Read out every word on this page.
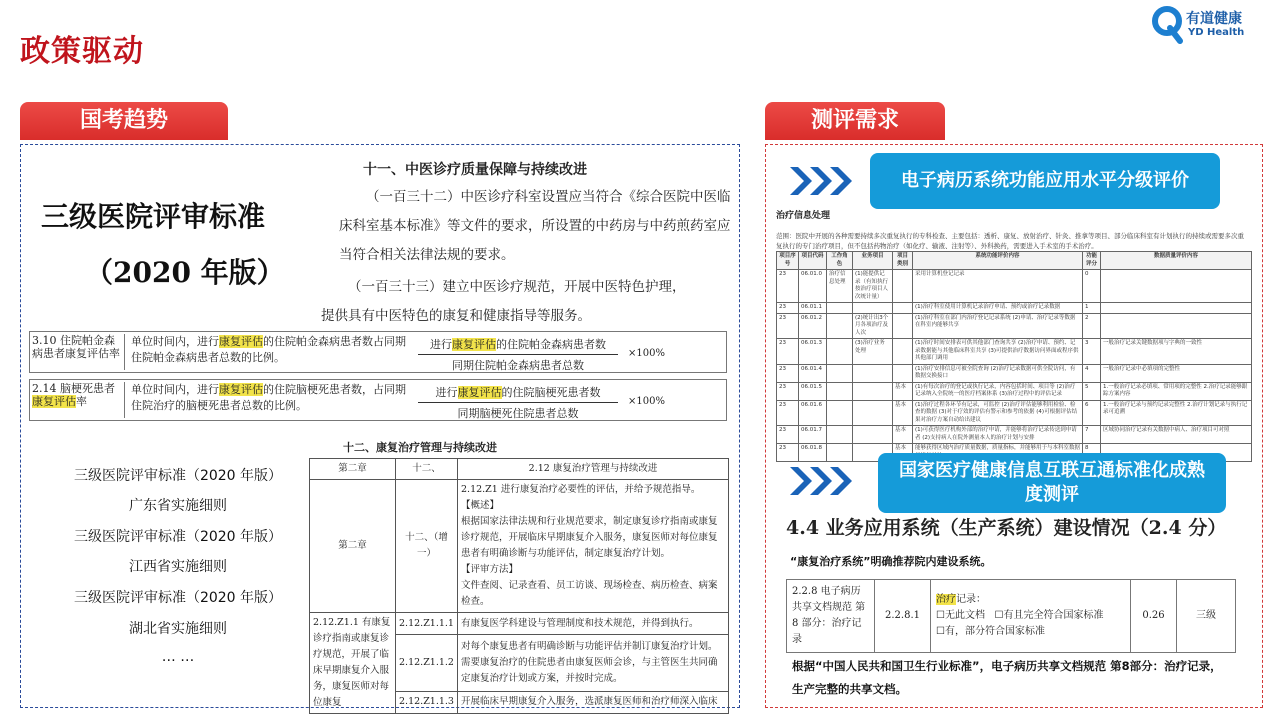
政策驱动
有道健康
YD Health
国考趋势	测评需求
三级医院评审标准
（2020 年版）
十一、中医诊疗质量保障与持续改进
（一百三十二）中医诊疗科室设置应当符合《综合医院中医临床科室基本标准》等文件的要求，所设置的中药房与中药煎药室应当符合相关法律法规的要求。
（一百三十三）建立中医诊疗规范，开展中医特色护理，
提供具有中医特色的康复和健康指导等服务。
3.10 住院帕金森病患者康复评估率
单位时间内，进行康复评估的住院帕金森病患者数占同期住院帕金森病患者总数的比例。
进行康复评估的住院帕金森病患者数
同期住院帕金森病患者总数
×100%
2.14 脑梗死患者康复评估率
单位时间内，进行康复评估的住院脑梗死患者数，占同期住院治疗的脑梗死患者总数的比例。
进行康复评估的住院脑梗死患者数
同期脑梗死住院患者总数
×100%
十二、康复治疗管理与持续改进
三级医院评审标准（2020 年版）
广东省实施细则
三级医院评审标准（2020 年版）
江西省实施细则
三级医院评审标准（2020 年版）
湖北省实施细则
… …
第二章	十二、	2.12 康复治疗管理与持续改进
第二章	十二、（增一）	2.12.Z1 进行康复治疗必要性的评估，并给予规范指导。
【概述】
根据国家法律法规和行业规范要求，制定康复诊疗指南或康复诊疗规范，开展临床早期康复介入服务，康复医师对每位康复患者有明确诊断与功能评估，制定康复治疗计划。
【评审方法】
文件查阅、记录查看、员工访谈、现场检查、病历检查、病案检查。

2.12.Z1.1 有康复诊疗指南或康复诊疗规范，开展了临床早期康复介入服务，康复医师对每位康复	2.12.Z1.1.1	有康复医学科建设与管理制度和技术规范，并得到执行。
	2.12.Z1.1.2	对每个康复患者有明确诊断与功能评估并制订康复治疗计划。需要康复治疗的住院患者由康复医师会诊，与主管医生共同确定康复治疗计划或方案，并按时完成。
	2.12.Z1.1.3	开展临床早期康复介入服务，选派康复医师和治疗师深入临床
电子病历系统功能应用水平分级评价
治疗信息处理
范围：医院中开展的各种需要持续多次重复执行的专科检查、主要包括：透析、康复、放射治疗、针灸、推拿等项目、部分临床科室有计划执行的持续或需要多次重复执行的专门治疗项目，但不包括药物治疗（如化疗、输液、注射等）、外科换药，需要进入手术室的手术治疗。
项目序号	项目代码	工作角色	业务项目	项目类别	系统功能评价内容	功能评分	数据质量评价内容
23	06.01.0	治疗信息处理	(1)能提供记录（有知执行按治疗项目人次统计量）		采用计算机登记记录	0	
23	06.01.1				(1)治疗科室使用计算机记录治疗申请、预约或治疗记录数据	1	
23	06.01.2		(2)统计出3个月各项治疗及人次		(1)治疗科室在部门内治疗登记记录系统 (2)申请、治疗记录等数据在科室内能够共享	2	
23	06.01.3		(3)治疗业务处理		(1)治疗时间安排表可供其他部门查询共享 (2)治疗申请、预约、记录数据能与其他临床科室共享 (3)可提供治疗数据访问界面或程序供其他部门调用	3	一般治疗记录关键数据项与字典的一致性
23	06.01.4				(1)治疗安排信息可被全院查询 (2)治疗记录数据可供全院访问，有数据交换接口	4	一般治疗记录中必填项的完整性
23	06.01.5			基本	(1)有每次治疗的登记或执行记录，内容包括时间、项目等 (2)治疗记录纳入全院统一的医疗档案体系 (3)治疗过程中的评估记录	5	1.一般治疗记录必填项、常用项的完整性 2.治疗记录能够跟踪方案内容
23	06.01.6			基本	(1)治疗过程各环节有记录，可监控 (2)治疗评估能够利用检验、检查的数据 (3)对于疗效的评估有警示和参考的依据 (4)可根据评估结果对治疗方案自动给出建议	6	1.一般治疗记录与预约记录完整性 2.治疗计划记录与执行记录可追溯
23	06.01.7			基本	(1)可获得医疗机构外部的治疗申请，并能够将治疗记录传送到申请者 (2)支持病人在院外测量本人的治疗计划与安排	7	区域协同治疗记录有关数据中病人、治疗项目可对照
23	06.01.8			基本	能够获得区域内治疗质量数据，质量指标，并能够用于与本科室数据	8	
国家医疗健康信息互联互通标准化成熟度测评
4.4 业务应用系统（生产系统）建设情况（2.4 分）
“康复治疗系统”明确推荐院内建设系统。
2.2.8 电子病历共享文档规范 第 8 部分：治疗记录	2.2.8.1	
治疗记录：
☐无此文档 ☐有且完全符合国家标准
☐有，部分符合国家标准
	0.26	三级
根据“中国人民共和国卫生行业标准”，电子病历共享文档规范 第8部分：治疗记录，生产完整的共享文档。
